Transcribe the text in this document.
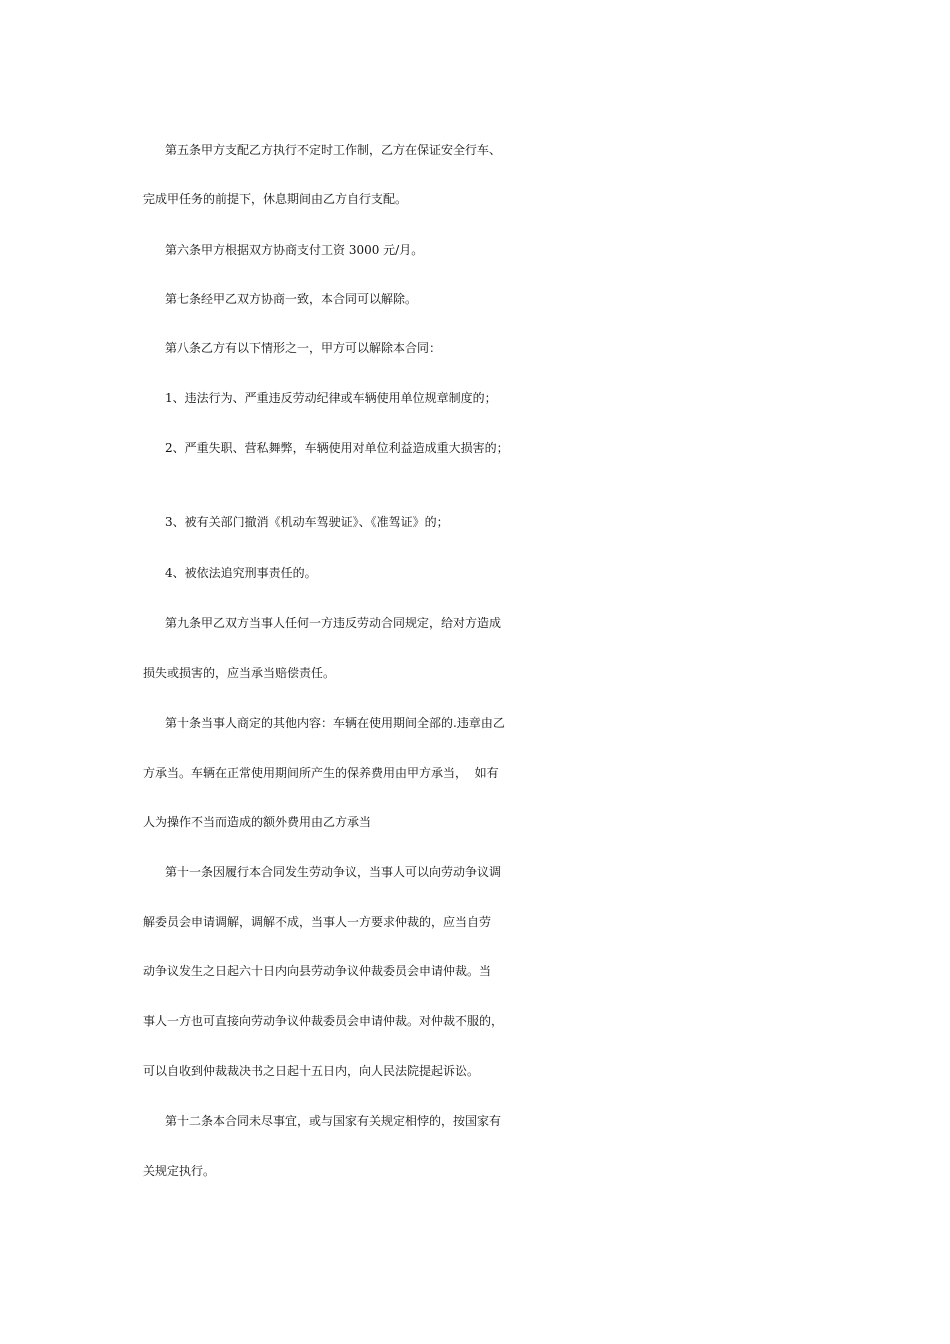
第五条甲方支配乙方执行不定时工作制，乙方在保证安全行车、

完成甲任务的前提下，休息期间由乙方自行支配。

第六条甲方根据双方协商支付工资 3000 元/月。

第七条经甲乙双方协商一致，本合同可以解除。

第八条乙方有以下情形之一，甲方可以解除本合同：

1、违法行为、严重违反劳动纪律或车辆使用单位规章制度的；

2、严重失职、营私舞弊，车辆使用对单位利益造成重大损害的；

3、被有关部门撤消《机动车驾驶证》、《准驾证》的；

4、被依法追究刑事责任的。

第九条甲乙双方当事人任何一方违反劳动合同规定，给对方造成

损失或损害的，应当承当赔偿责任。

第十条当事人商定的其他内容：车辆在使用期间全部的.违章由乙

方承当。车辆在正常使用期间所产生的保养费用由甲方承当，  如有

人为操作不当而造成的额外费用由乙方承当

第十一条因履行本合同发生劳动争议，当事人可以向劳动争议调

解委员会申请调解，调解不成，当事人一方要求仲裁的，应当自劳

动争议发生之日起六十日内向县劳动争议仲裁委员会申请仲裁。当

事人一方也可直接向劳动争议仲裁委员会申请仲裁。对仲裁不服的，

可以自收到仲裁裁决书之日起十五日内，向人民法院提起诉讼。

第十二条本合同未尽事宜，或与国家有关规定相悖的，按国家有

关规定执行。
